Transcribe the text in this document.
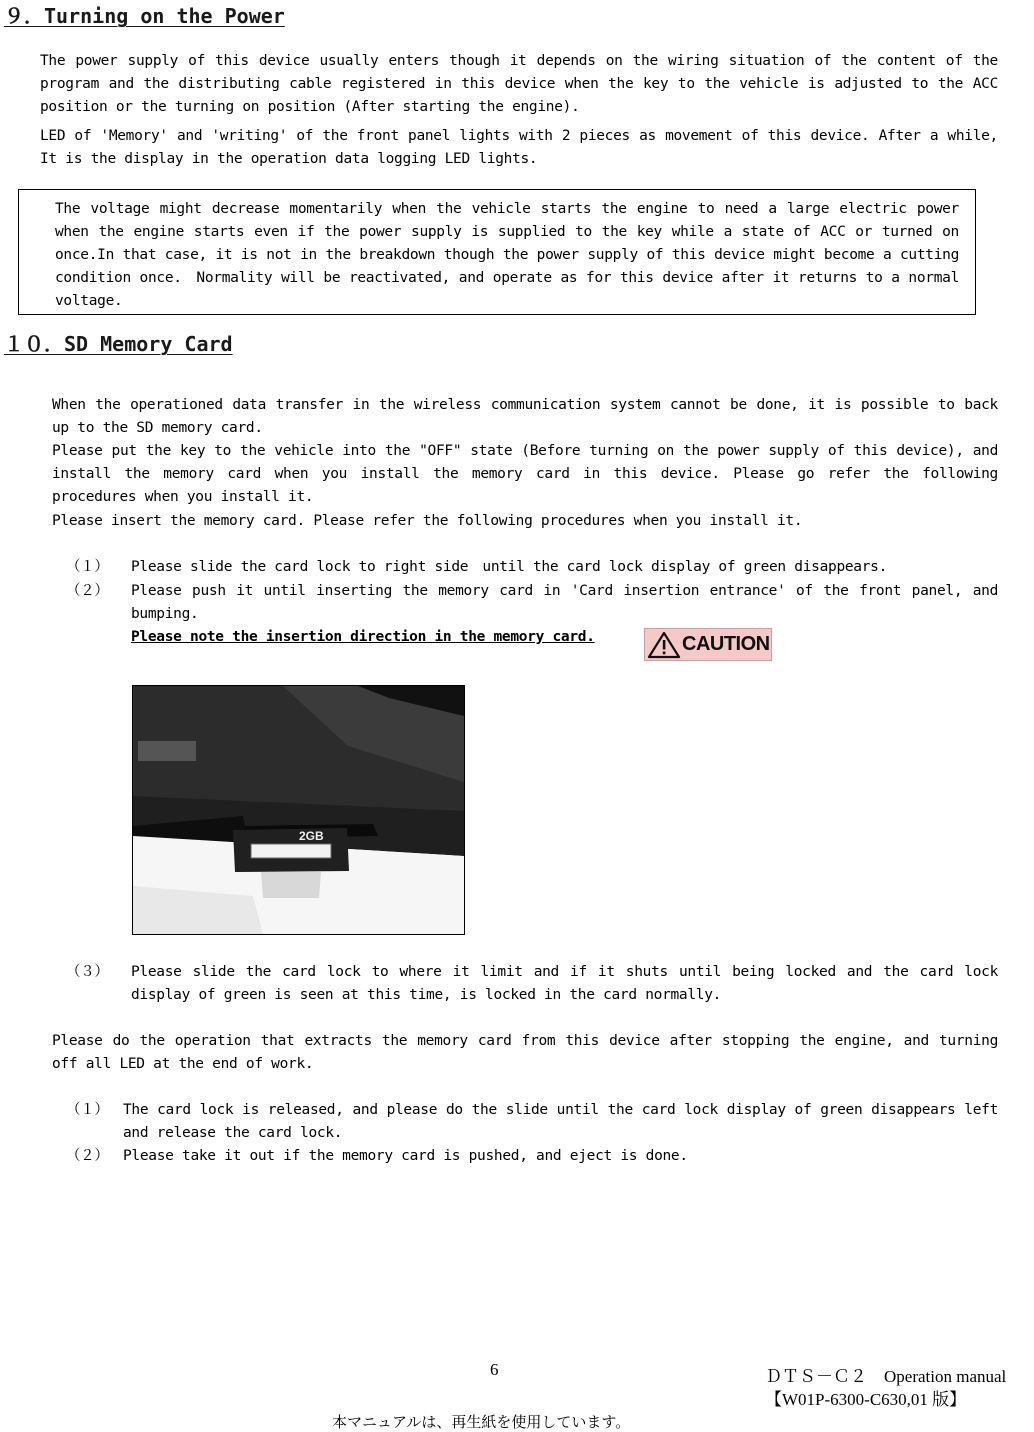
９．Turning on the Power
The power supply of this device usually enters though it depends on the wiring situation of the content of the program and the distributing cable registered in this device when the key to the vehicle is adjusted to the ACC position or the turning on position (After starting the engine).
LED of 'Memory' and 'writing' of the front panel lights with 2 pieces as movement of this device. After a while, It is the display in the operation data logging LED lights.
The voltage might decrease momentarily when the vehicle starts the engine to need a large electric power when the engine starts even if the power supply is supplied to the key while a state of ACC or turned on once.In that case, it is not in the breakdown though the power supply of this device might become a cutting condition once.　Normality will be reactivated, and operate as for this device after it returns to a normal voltage.
１０．SD Memory Card
When the operationed data transfer in the wireless communication system cannot be done, it is possible to back up to the SD memory card.
Please put the key to the vehicle into the "OFF" state (Before turning on the power supply of this device), and install the memory card when you install the memory card in this device. Please go refer the following procedures when you install it.
Please insert the memory card. Please refer the following procedures when you install it.
（１） Please slide the card lock to right side　until the card lock display of green disappears.
（２） Please push it until inserting the memory card in 'Card insertion entrance' of the front panel, and bumping.
Please note the insertion direction in the memory card.	CAUTION
2GB
（３） Please slide the card lock to where it limit and if it shuts until being locked and the card lock display of green is seen at this time, is locked in the card normally.
Please do the operation that extracts the memory card from this device after stopping the engine, and turning off all LED at the end of work.
（１） The card lock is released, and please do the slide until the card lock display of green disappears left and release the card lock.
（２） Please take it out if the memory card is pushed, and eject is done.
6	ＤＴＳ－Ｃ２　Operation manual
【W01P-6300-C630,01 版】
本マニュアルは、再生紙を使用しています。
